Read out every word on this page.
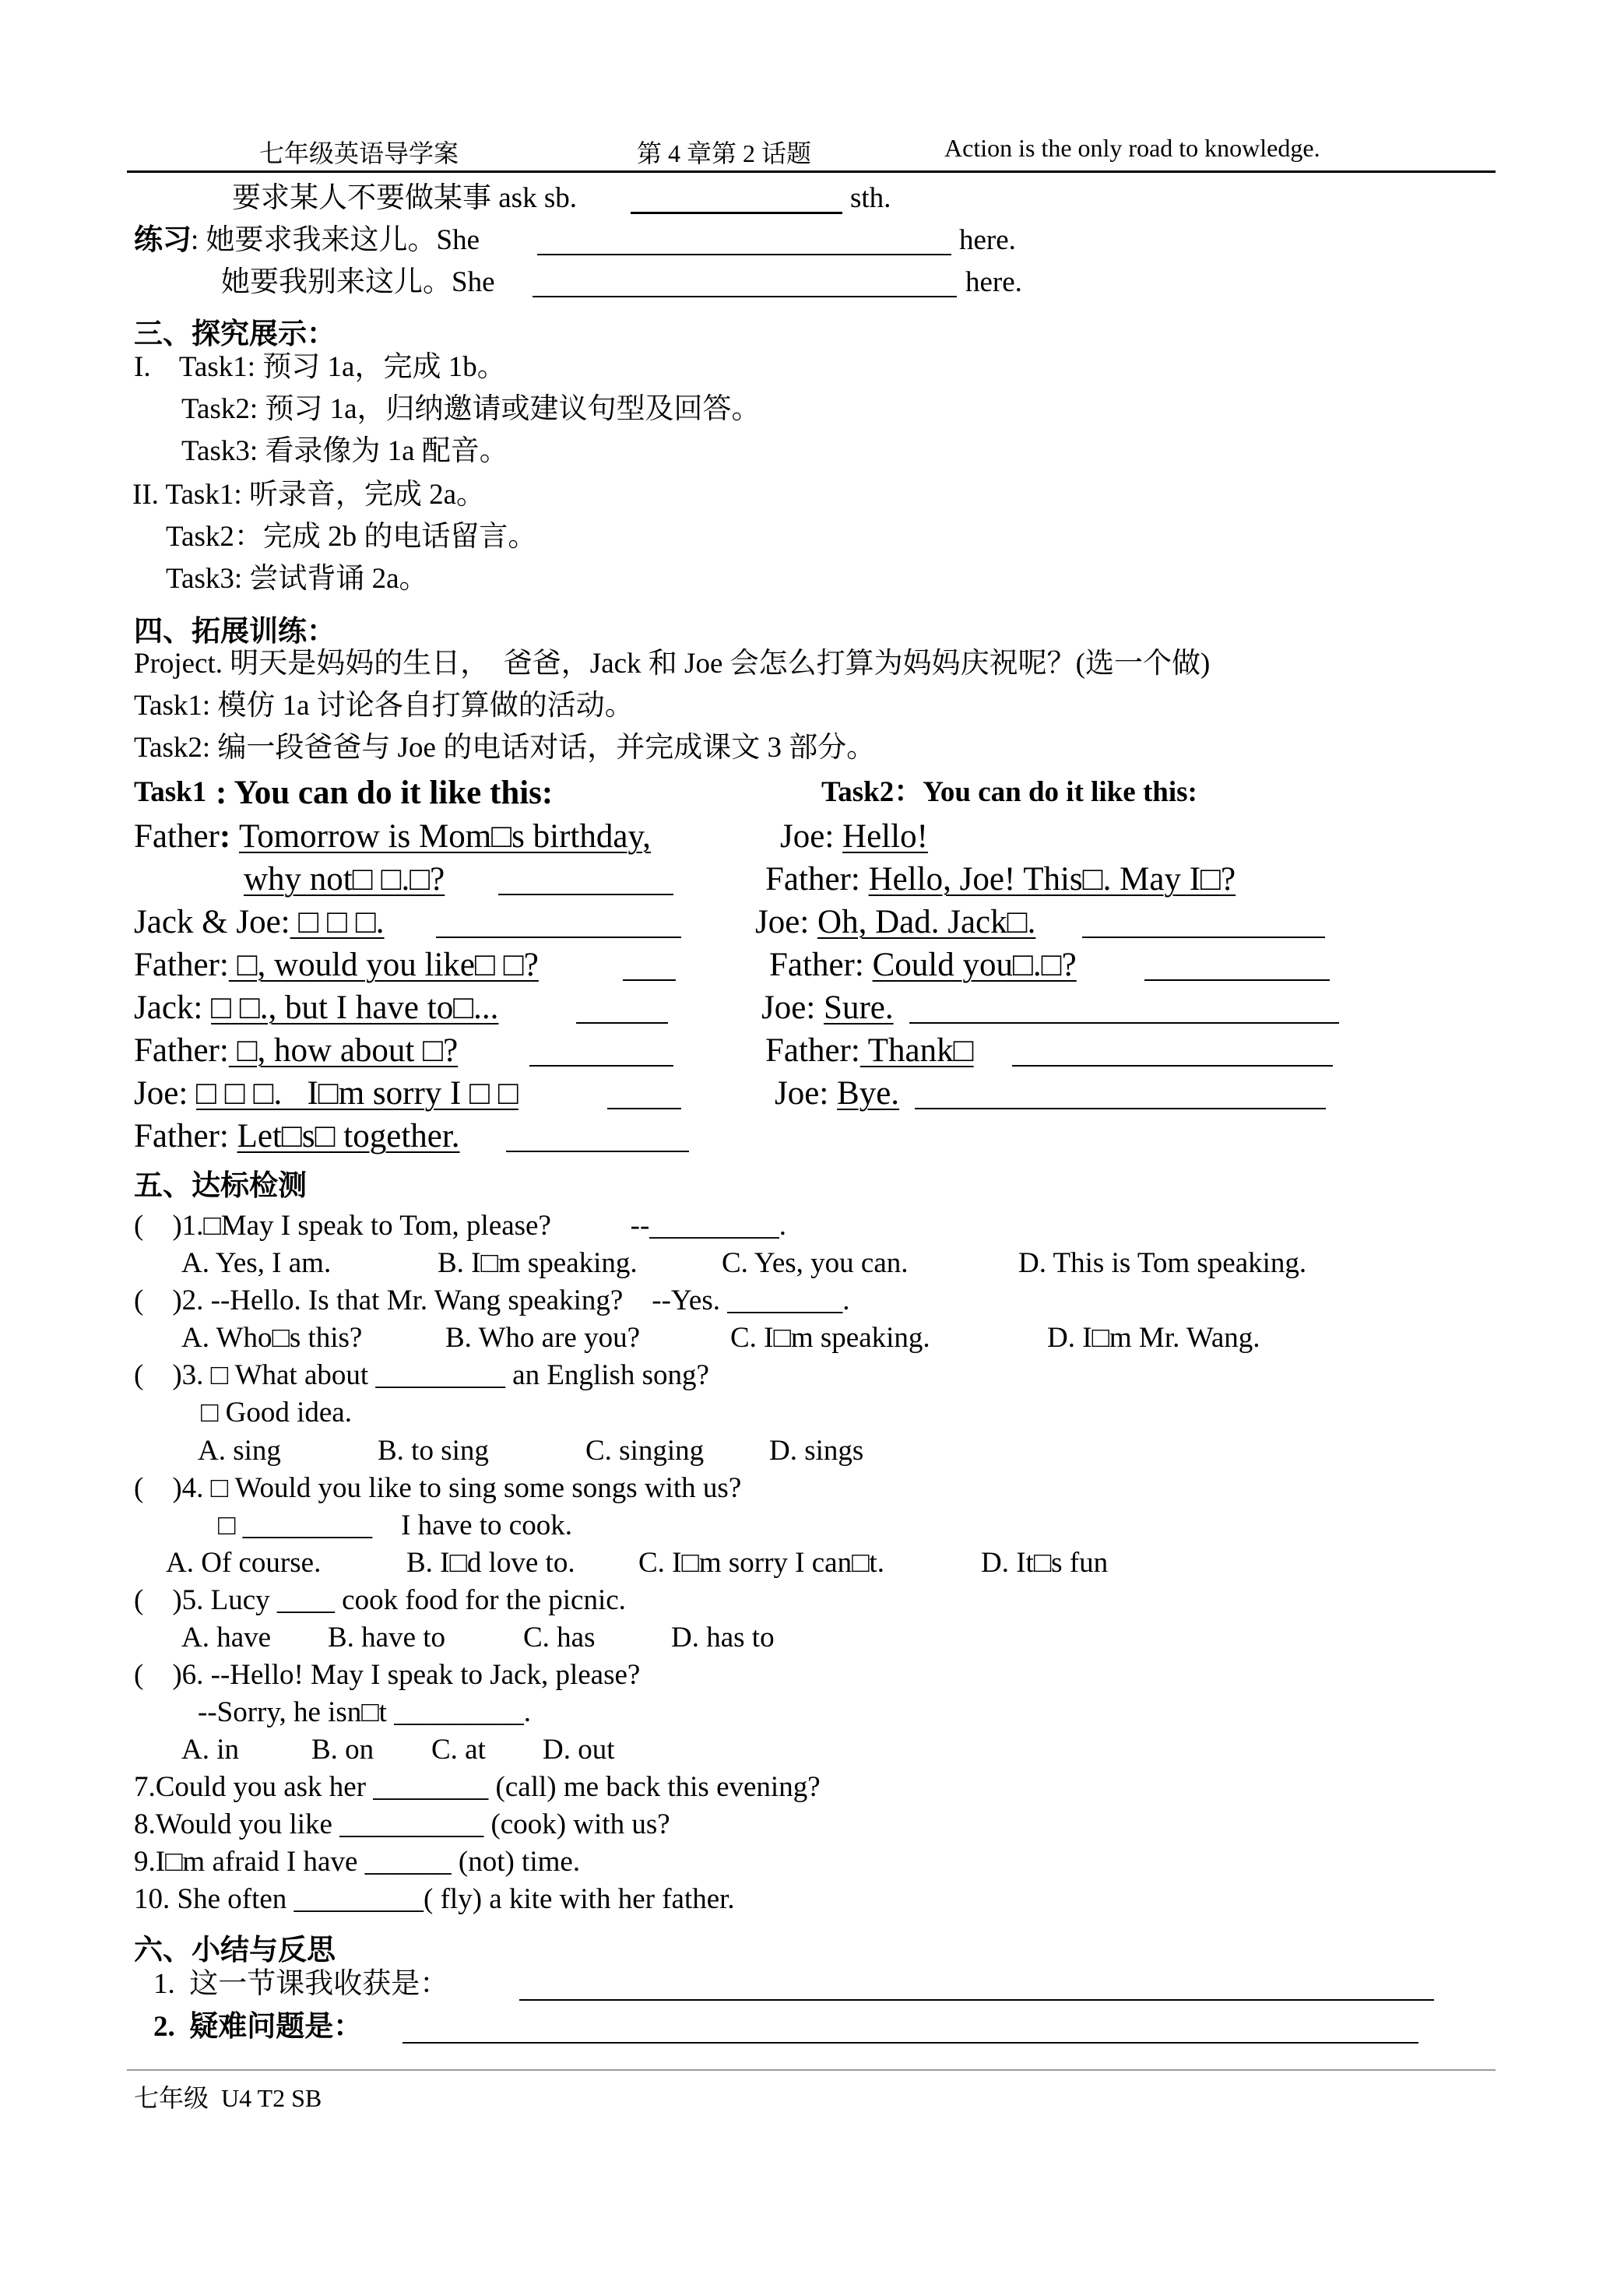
七年级英语导学案	第 4 章第 2 话题	Action is the only road to knowledge.
要求某人不要做某事 ask sb.	sth.
练习 : 她要求我来这儿。She	here.
她要我别来这儿。She	here.
三、探究展示：
I.    Task1: 预习 1a，完成 1b。
Task2: 预习 1a，归纳邀请或建议句型及回答。
Task3: 看录像为 1a 配音。
II. Task1: 听录音，完成 2a。
Task2：完成 2b 的电话留言。
Task3: 尝试背诵 2a。
四、拓展训练：
Project. 明天是妈妈的生日，  爸爸，Jack 和 Joe 会怎么打算为妈妈庆祝呢？(选一个做)
Task1: 模仿 1a 讨论各自打算做的活动。
Task2: 编一段爸爸与 Joe 的电话对话，并完成课文 3 部分。
Task1 : You can do it like this:	Task2：You can do it like this:
Father: Tomorrow is Mom□s birthday,
why not□ □.□?
Jack & Joe: □ □ □.
Father: □, would you like□ □?
Jack: □ □., but I have to□...
Father: □, how about □?
Joe: □ □ □.   I□m sorry I □ □
Father: Let□s□ together.
Joe: Hello!
Father: Hello, Joe! This□. May I□?
Joe: Oh, Dad. Jack□.
Father: Could you□.□?
Joe: Sure.
Father: Thank□
Joe: Bye.
五、达标检测
(    )1.□May I speak to Tom, please?           --_________.
A. Yes, I am.	B. I□m speaking.	C. Yes, you can.	D. This is Tom speaking.
(    )2. --Hello. Is that Mr. Wang speaking?    --Yes. ________.
A. Who□s this?	B. Who are you?	C. I□m speaking.	D. I□m Mr. Wang.
(    )3. □ What about _________ an English song?
□ Good idea.
A. sing	B. to sing	C. singing D. sings
(    )4. □ Would you like to sing some songs with us?
□ _________    I have to cook.
A. Of course.	B. I□d love to. C. I□m sorry I can□t.	D. It□s fun
(    )5. Lucy ____ cook food for the picnic.
A. have B. have to	C. has	D. has to
(    )6. --Hello! May I speak to Jack, please?
--Sorry, he isn□t _________.
A. in	B. on C. at D. out
7.Could you ask her ________ (call) me back this evening?
8.Would you like __________ (cook) with us?
9.I□m afraid I have ______ (not) time.
10. She often _________( fly) a kite with her father.
六、小结与反思
1.  这一节课我收获是：
2.  疑难问题是：
七年级  U4 T2 SB
